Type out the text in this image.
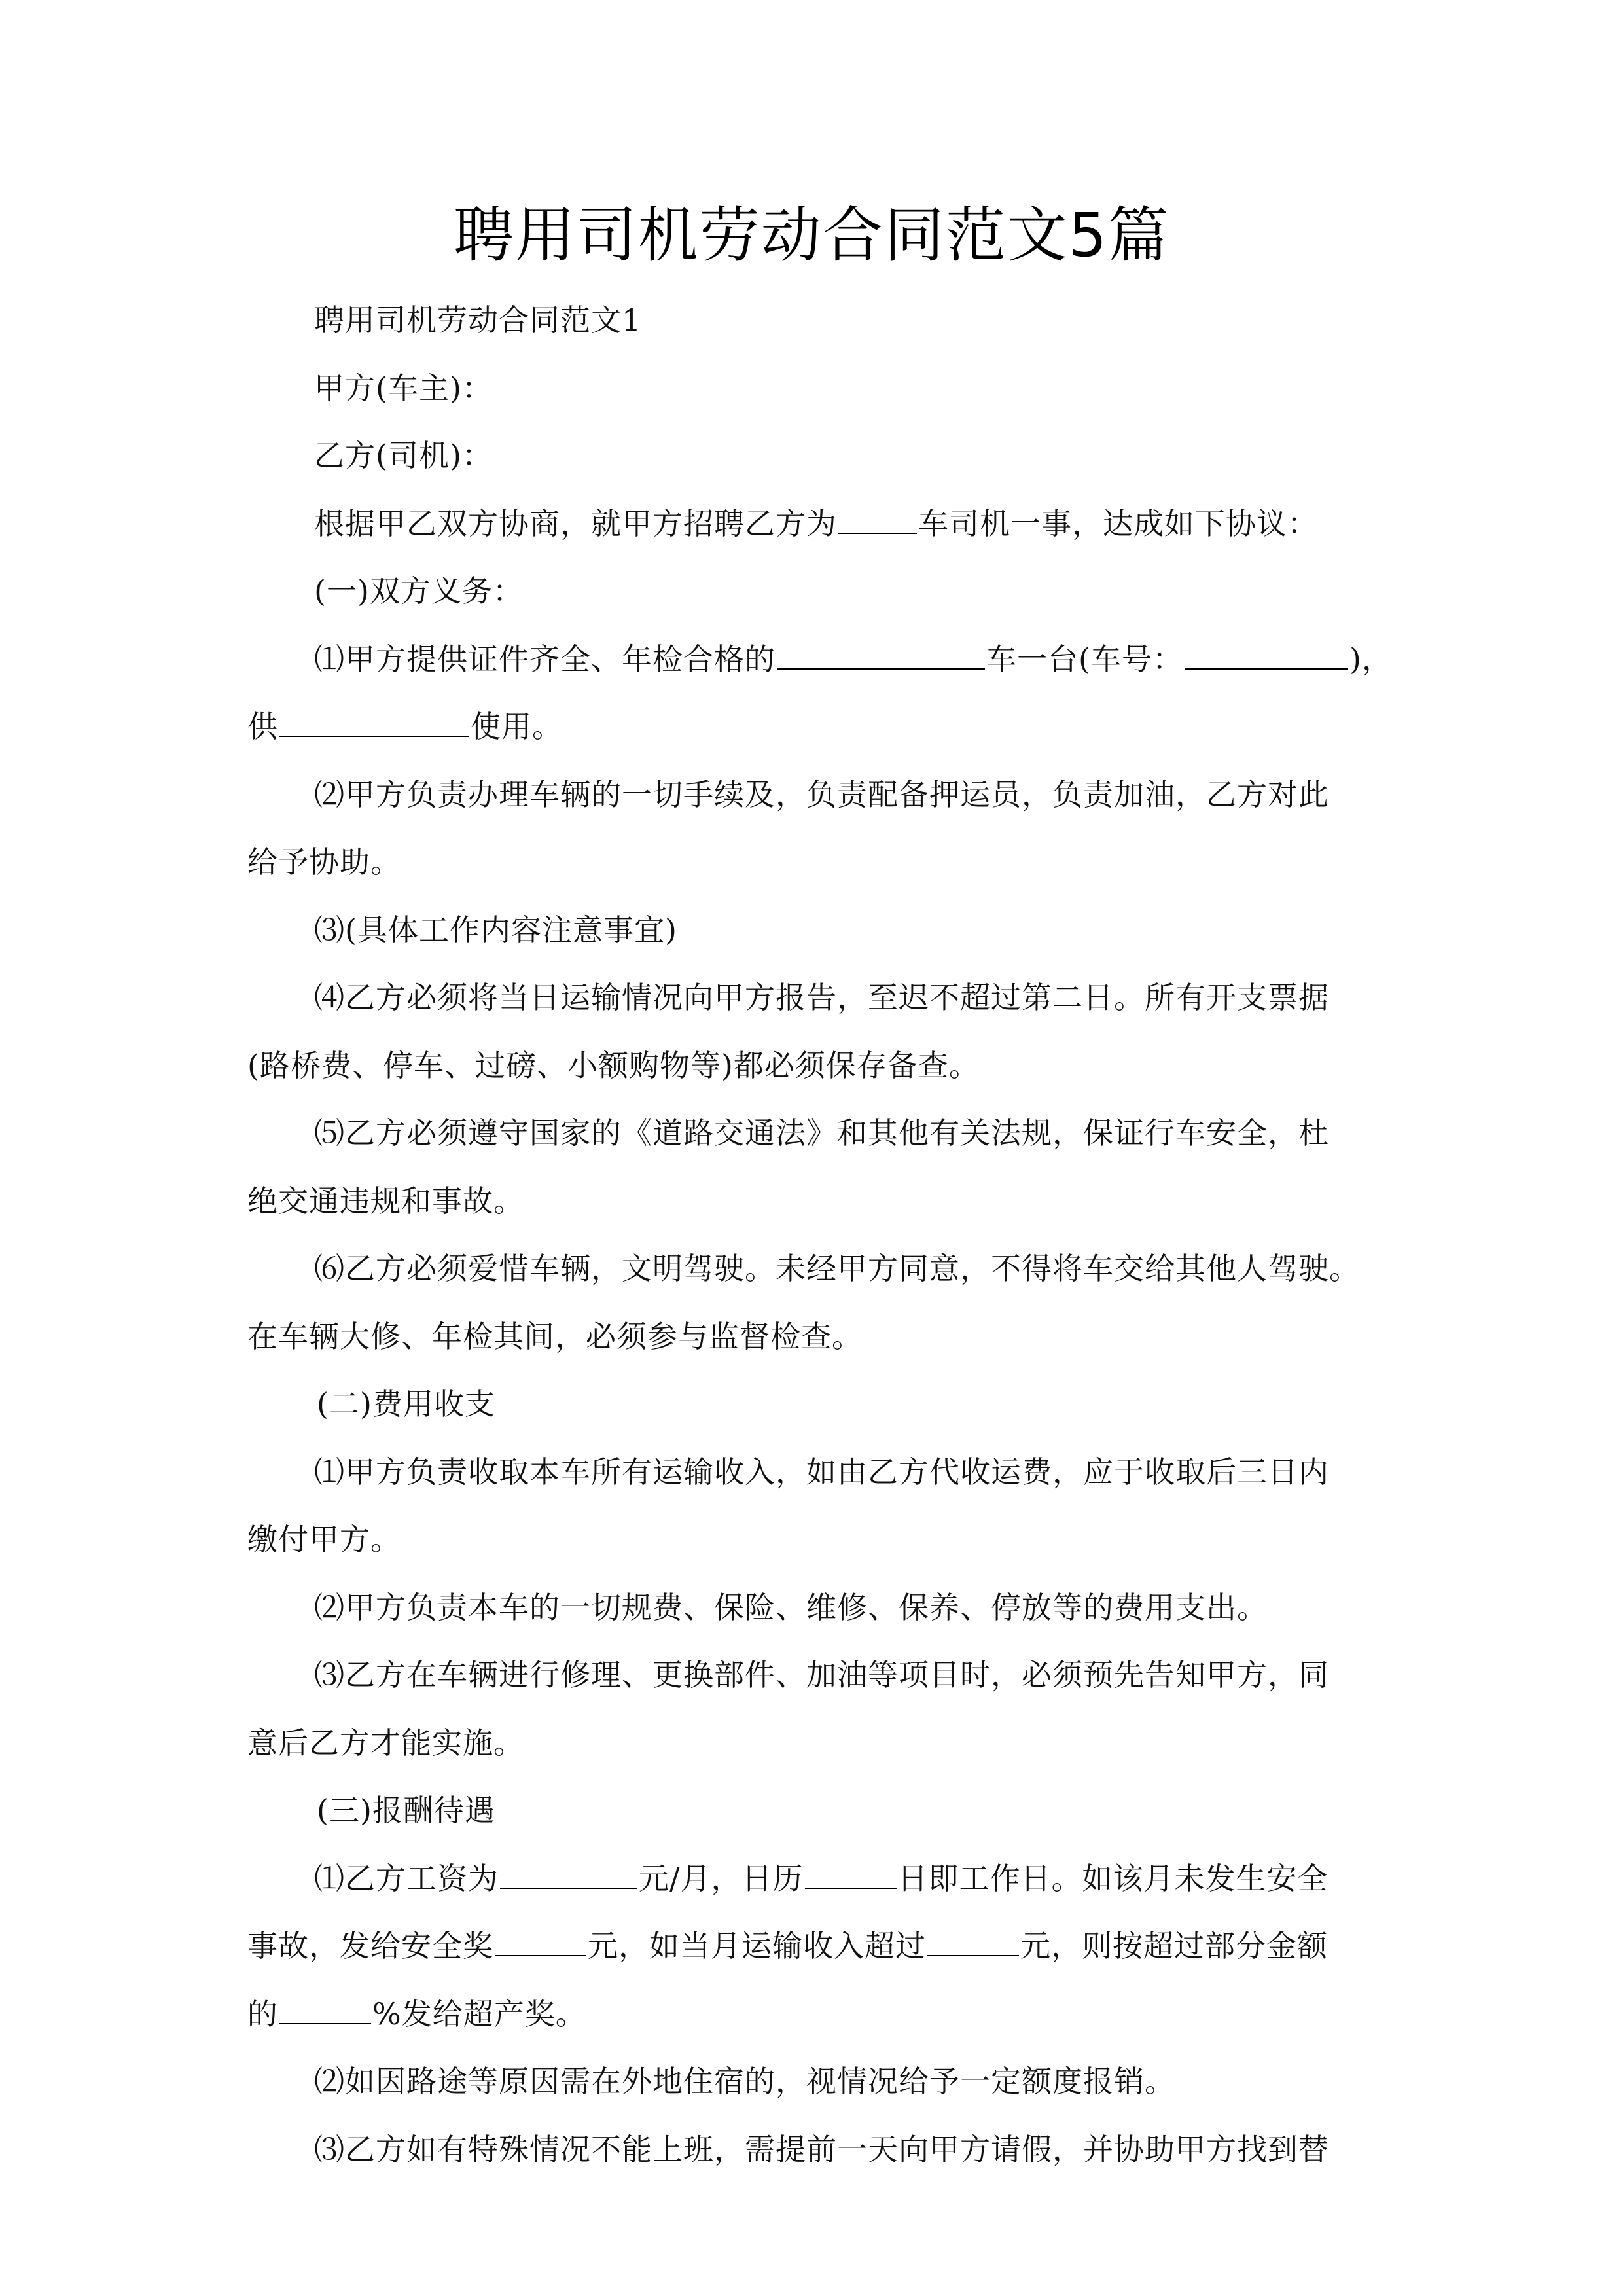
聘用司机劳动合同范文5篇
聘用司机劳动合同范文1
甲方(车主)：
乙方(司机)：
根据甲乙双方协商，就甲方招聘乙方为	车司机一事，达成如下协议：
(一)双方义务：
⑴甲方提供证件齐全、年检合格的	车一台(车号：	)，
供	使用。
⑵甲方负责办理车辆的一切手续及，负责配备押运员，负责加油，乙方对此
给予协助。
⑶(具体工作内容注意事宜)
⑷乙方必须将当日运输情况向甲方报告，至迟不超过第二日。所有开支票据
(路桥费、停车、过磅、小额购物等)都必须保存备查。
⑸乙方必须遵守国家的《道路交通法》和其他有关法规，保证行车安全，杜
绝交通违规和事故。
⑹乙方必须爱惜车辆，文明驾驶。未经甲方同意，不得将车交给其他人驾驶。
在车辆大修、年检其间，必须参与监督检查。
(二)费用收支
⑴甲方负责收取本车所有运输收入，如由乙方代收运费，应于收取后三日内
缴付甲方。
⑵甲方负责本车的一切规费、保险、维修、保养、停放等的费用支出。
⑶乙方在车辆进行修理、更换部件、加油等项目时，必须预先告知甲方，同
意后乙方才能实施。
(三)报酬待遇
⑴乙方工资为	元/月，日历	日即工作日。如该月未发生安全
事故，发给安全奖	元，如当月运输收入超过	元，则按超过部分金额
的	%发给超产奖。
⑵如因路途等原因需在外地住宿的，视情况给予一定额度报销。
⑶乙方如有特殊情况不能上班，需提前一天向甲方请假，并协助甲方找到替
